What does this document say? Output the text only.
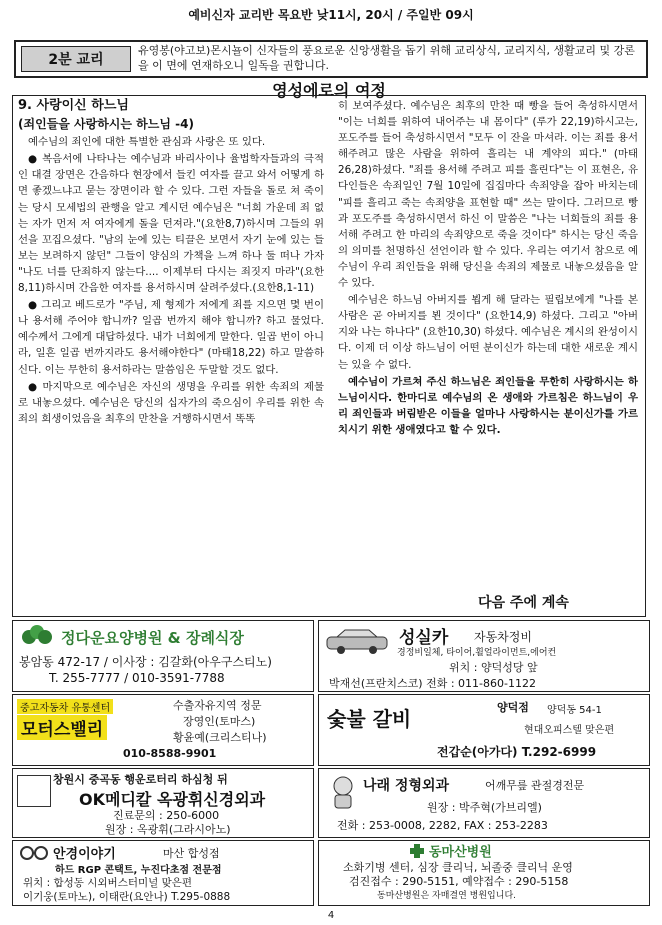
예비신자 교리반 목요반 낮11시, 20시 / 주일반 09시
2분 교리
유영봉(야고보)몬시뇰이 신자들의 풍요로운 신앙생활을 돕기 위해 교리상식, 교리지식, 생활교리 및 강론을 이 면에 연재하오니 일독을 권합니다.
영성에로의 여정

9. 사랑이신 하느님

(죄인들을 사랑하시는 하느님 -4)

예수님의 죄인에 대한 특별한 관심과 사랑은 또 있다.

● 복음서에 나타나는 예수님과 바리사이나 율법학자들과의 극적인 대결 장면은 간음하다 현장에서 들킨 여자를 끌고 와서 어떻게 하면 좋겠느냐고 묻는 장면이라 할 수 있다. 그런 자들을 돌로 쳐 죽이는 당시 모세법의 관행을 알고 계시던 예수님은 "너희 가운데 죄 없는 자가 먼저 저 여자에게 돌을 던져라."(요한8,7)하시며 그들의 위선을 꼬집으셨다. "남의 눈에 있는 티끌은 보면서 자기 눈에 있는 들보는 보려하지 않던" 그들이 양심의 가책을 느껴 하나 둘 떠나 가자 "나도 너를 단죄하지 않는다.... 이제부터 다시는 죄짓지 마라"(요한 8,11)하시며 간음한 여자를 용서하시며 살려주셨다.(요한8,1-11)

● 그리고 베드로가 "주님, 제 형제가 저에게 죄를 지으면 몇 번이나 용서해 주어야 합니까? 일곱 번까지 해야 합니까? 하고 물었다. 예수께서 그에게 대답하셨다. 내가 너희에게 말한다. 일곱 번이 아니라, 일흔 일곱 번까지라도 용서해야한다" (마태18,22) 하고 말씀하신다. 이는 무한히 용서하라는 말씀임은 두말할 것도 없다.

● 마지막으로 예수님은 자신의 생명을 우리를 위한 속죄의 제물로 내놓으셨다. 예수님은 당신의 십자가의 죽으심이 우리를 위한 속죄의 희생이었음을 최후의 만찬을 거행하시면서 똑똑

히 보여주셨다. 예수님은 최후의 만찬 때 빵을 들어 축성하시면서 "이는 너희를 위하여 내어주는 내 몸이다" (루가 22,19)하시고는, 포도주를 들어 축성하시면서 "모두 이 잔을 마셔라. 이는 죄를 용서해주려고 많은 사람을 위하여 흘리는 내 계약의 피다." (마태26,28)하셨다. "죄를 용서해 주려고 피를 흘린다"는 이 표현은, 유다인들은 속죄일인 7월 10일에 집집마다 속죄양을 잡아 바치는데 "피를 흘리고 죽는 속죄양을 표현할 때" 쓰는 말이다. 그러므로 빵과 포도주를 축성하시면서 하신 이 말씀은 "나는 너희들의 죄를 용서해 주려고 한 마리의 속죄양으로 죽을 것이다" 하시는 당신 죽음의 의미를 천명하신 선언이라 할 수 있다. 우리는 여기서 참으로 예수님이 우리 죄인들을 위해 당신을 속죄의 제물로 내놓으셨음을 알 수 있다.

예수님은 하느님 아버지를 뵙게 해 달라는 필립보에게 "나를 본 사람은 곧 아버지를 뵌 것이다" (요한14,9) 하셨다. 그리고 "아버지와 나는 하나다" (요한10,30) 하셨다. 예수님은 계시의 완성이시다. 이제 더 이상 하느님이 어떤 분이신가 하는데 대한 새로운 계시는 있을 수 없다.

예수님이 가르쳐 주신 하느님은 죄인들을 무한히 사랑하시는 하느님이시다. 한마디로 예수님의 온 생애와 가르침은 하느님이 우리 죄인들과 버림받은 이들을 얼마나 사랑하시는 분이신가를 가르치시기 위한 생애였다고 할 수 있다.

다음 주에 계속
정다운요양병원 & 장례식장
봉암동 472-17 / 이사장 : 김갈화(아우구스티노)
T. 255-7777 / 010-3591-7788
성실카 자동차정비
경정비일체, 타이어,휠얼라이먼트,에어컨
위치 : 양덕성당 앞
박재선(프란치스코) 전화 : 011-860-1122
중고자동차 유통센터
모터스밸리
수출자유지역 정문
장영인(토마스)
황윤예(크리스티나)
010-8588-9901
숯불 갈비	양덕점 양덕동 54-1
현대오피스텔 맞은편
전갑순(아가다) T.292-6999
창원시 중곡동 행운로터리 하심청 뒤
OK메디칼 옥광휘신경외과
진료문의 : 250-6000
원장 : 옥광휘(그라시아노)
나래 정형외과	어깨무릎 관절경전문
원장 : 박주혁(가브리엘)
전화 : 253-0008, 2282, FAX : 253-2283
안경이야기	마산 합성점
하드 RGP 콘택트, 누진다초점 전문점
위치 : 합성동 시외버스터미널 맞은편
이기웅(토마노), 이태란(요안나) T.295-0888
동마산병원
소화기병 센터, 심장 클리닉, 뇌졸중 클리닉 운영
검진접수 : 290-5151, 예약접수 : 290-5158
동마산병원은 자매결연 병원입니다.
4
